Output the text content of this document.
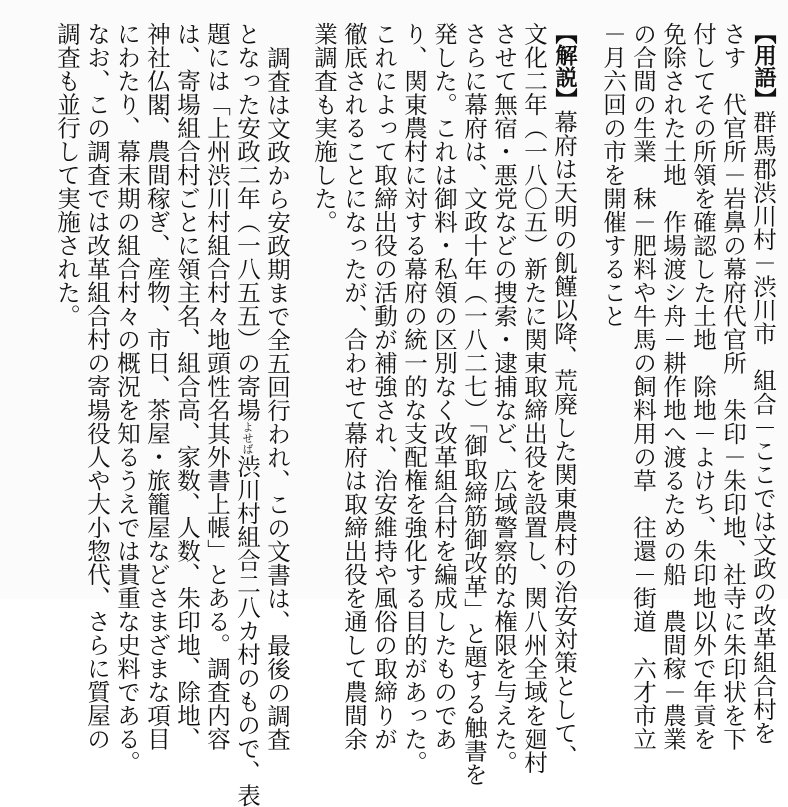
【用語】群馬郡渋川村－渋川市　組合－ここでは文政の改革組合村を
さす　代官所－岩鼻の幕府代官所　朱印－朱印地、社寺に朱印状を下
付してその所領を確認した土地　除地－よけち、朱印地以外で年貢を
免除された土地　作場渡シ舟－耕作地へ渡るための船　農間稼－農業
の合間の生業　秣－肥料や牛馬の飼料用の草　往還－街道　六才市立
－月六回の市を開催すること
【解説】幕府は天明の飢饉以降、荒廃した関東農村の治安対策として、
文化二年（一八〇五）新たに関東取締出役を設置し、関八州全域を廻村
させて無宿・悪党などの捜索・逮捕など、広域警察的な権限を与えた。
さらに幕府は、文政十年（一八二七）「御取締筋御改革」と題する触書を
発した。これは御料・私領の区別なく改革組合村を編成したものであ
り、関東農村に対する幕府の統一的な支配権を強化する目的があった。
これによって取締出役の活動が補強され、治安維持や風俗の取締りが
徹底されることになったが、合わせて幕府は取締出役を通して農間余
業調査も実施した。
調査は文政から安政期まで全五回行われ、この文書は、最後の調査
となった安政二年（一八五五）の寄場よせば渋川村組合二八カ村のもので、表
題には「上州渋川村組合村々地頭性名其外書上帳」とある。調査内容
は、寄場組合村ごとに領主名、組合高、家数、人数、朱印地、除地、
神社仏閣、農間稼ぎ、産物、市日、茶屋・旅籠屋などさまざまな項目
にわたり、幕末期の組合村々の概況を知るうえでは貴重な史料である。
なお、この調査では改革組合村の寄場役人や大小惣代、さらに質屋の
調査も並行して実施された。
